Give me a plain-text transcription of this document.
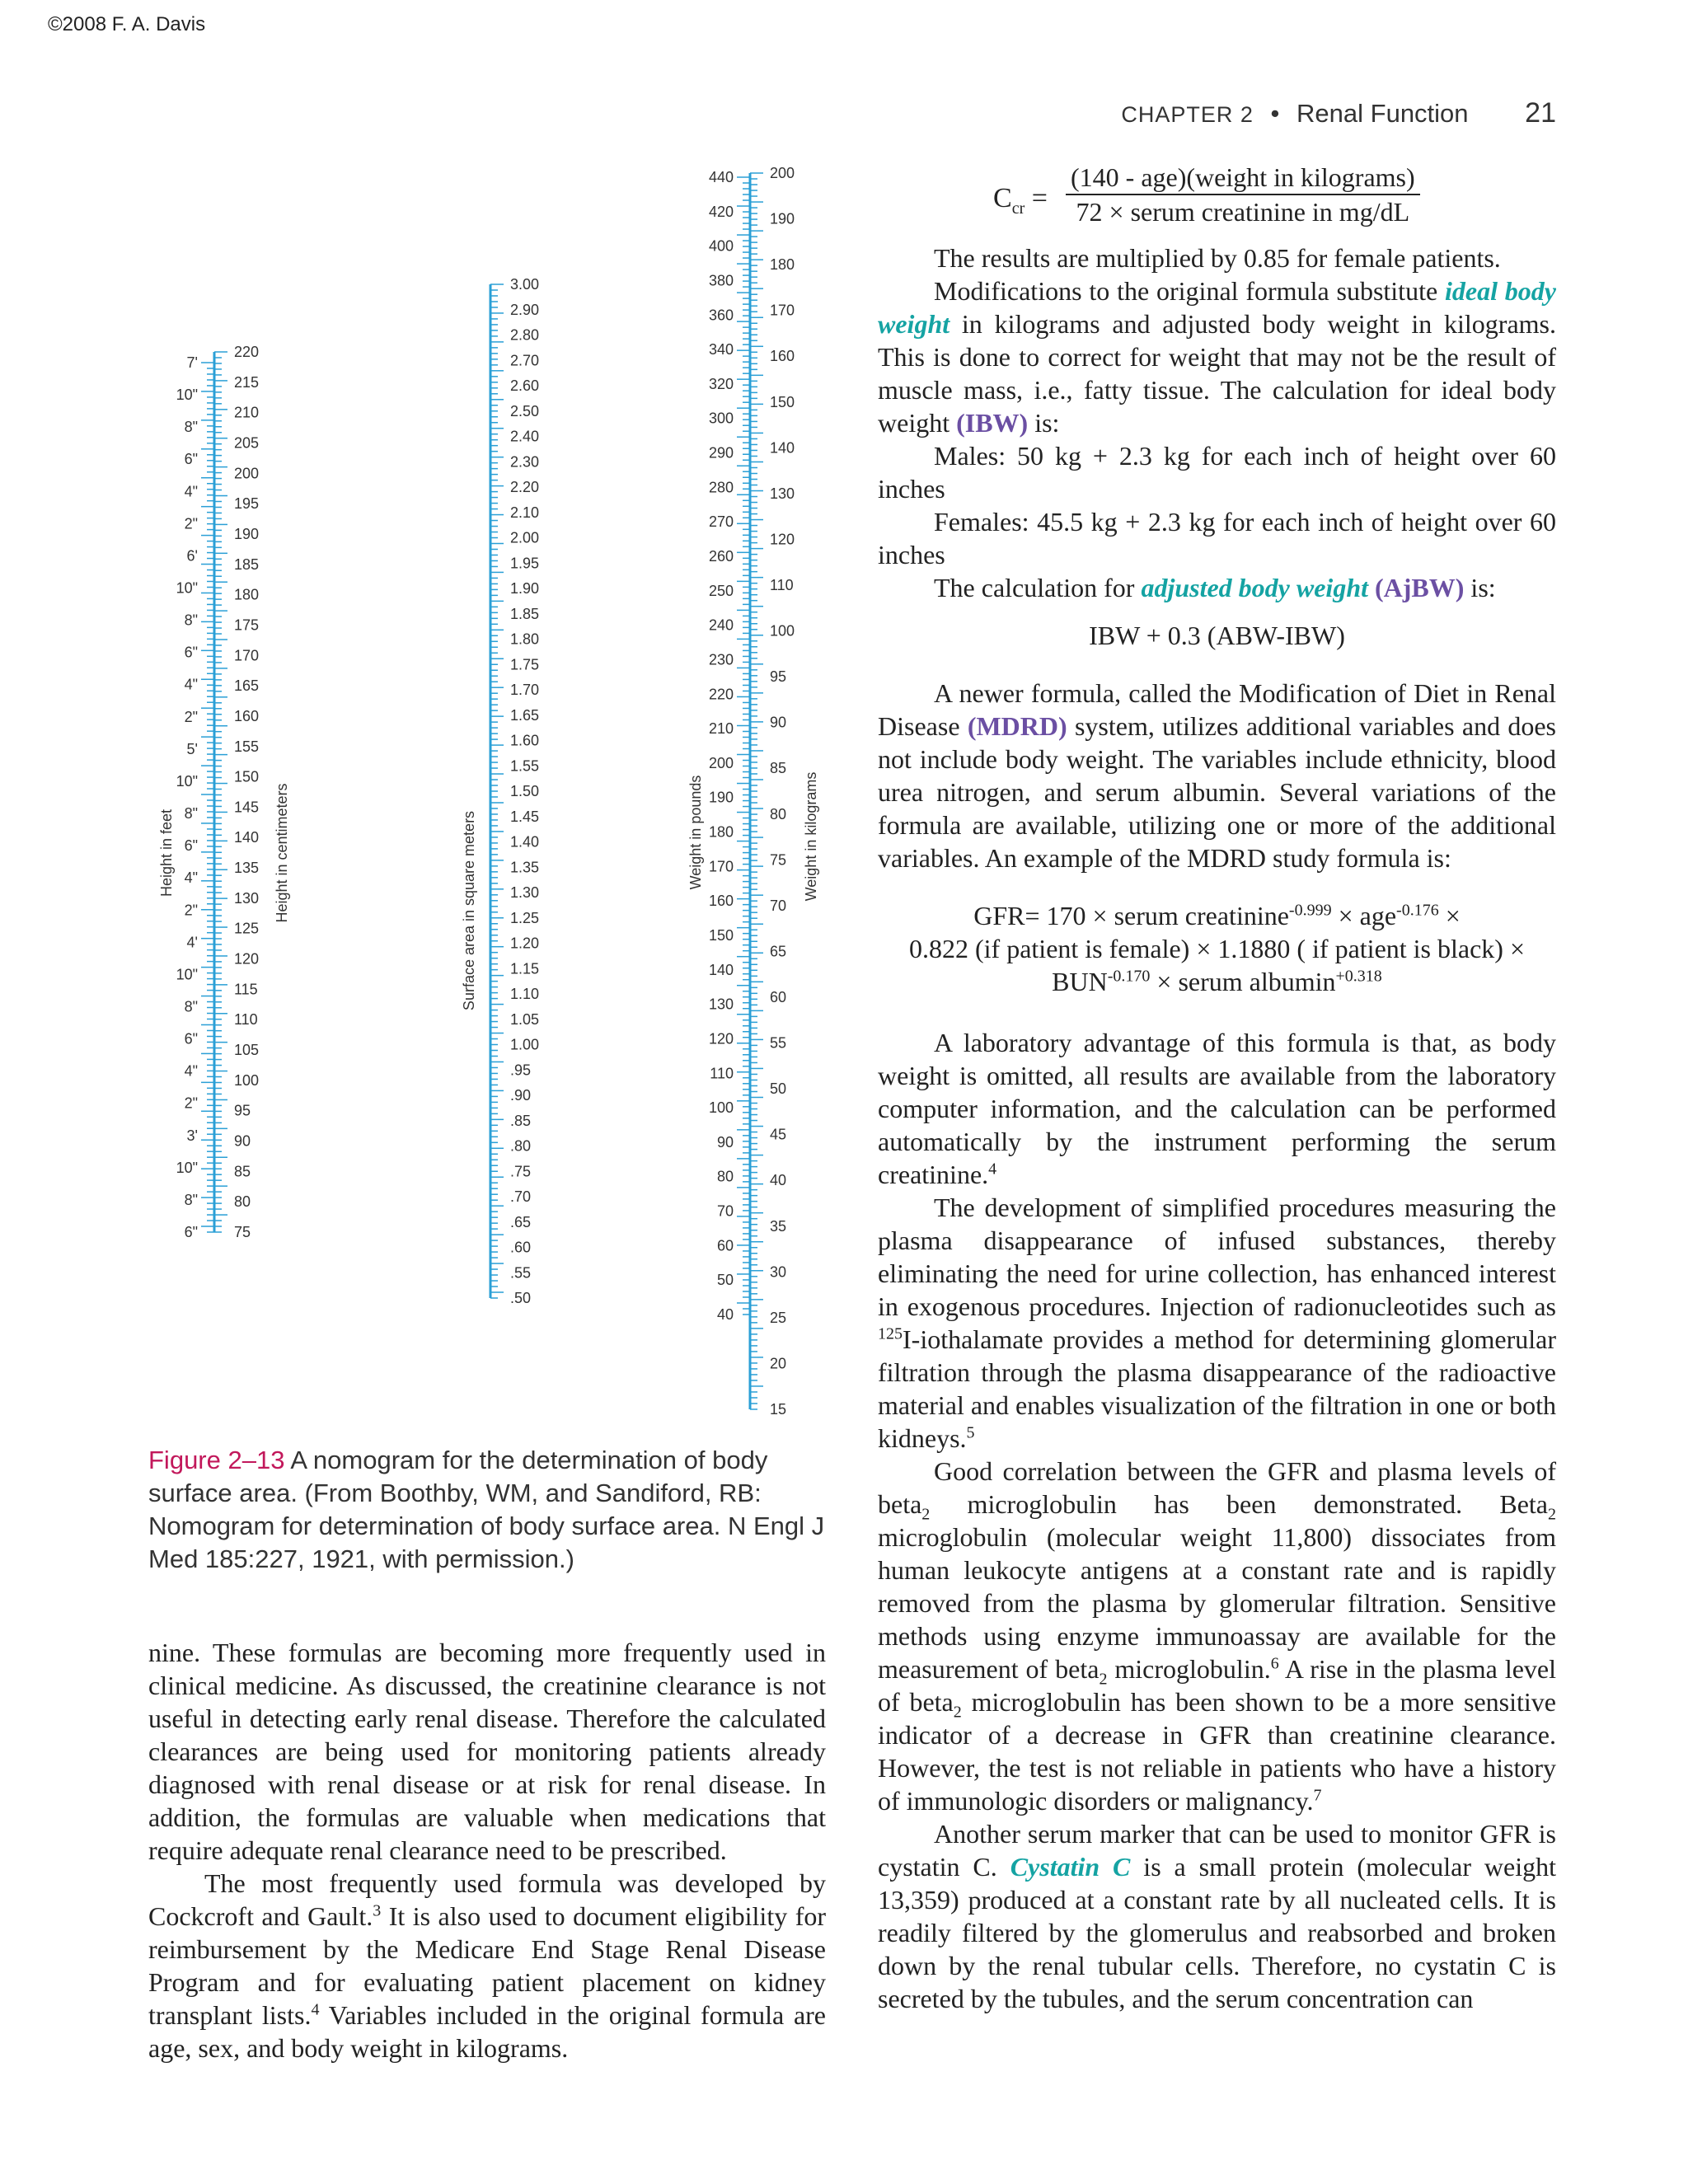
©2008 F. A. Davis
CHAPTER 2 • Renal Function 21
7'
10"
8"
6"
4"
2"
6'
10"
8"
6"
4"
2"
5'
10"
8"
6"
4"
2"
4'
10"
8"
6"
4"
2"
3'
10"
8"
6"
220
215
210
205
200
195
190
185
180
175
170
165
160
155
150
145
140
135
130
125
120
115
110
105
100
95
90
85
80
75
Height in feet	Height in centimeters
3.00
2.90
2.80
2.70
2.60
2.50
2.40
2.30
2.20
2.10
2.00
1.95
1.90
1.85
1.80
1.75
1.70
1.65
1.60
1.55
1.50
1.45
1.40
1.35
1.30
1.25
1.20
1.15
1.10
1.05
1.00
.95
.90
.85
.80
.75
.70
.65
.60
.55
.50
Surface area in square meters
440
420
400
380
360
340
320
300
290
280
270
260
250
240
230
220
210
200
190
180
170
160
150
140
130
120
110
100
90
80
70
60
50
40
200
190
180
170
160
150
140
130
120
110
100
95
90
85
80
75
70
65
60
55
50
45
40
35
30
25
20
15
Weight in pounds	Weight in kilograms
Figure 2–13 A nomogram for the determination of body surface area. (From Boothby, WM, and Sandiford, RB: Nomogram for determination of body surface area. N Engl J Med 185:227, 1921, with permission.)

nine. These formulas are becoming more frequently used in clinical medicine. As discussed, the creatinine clearance is not useful in detecting early renal disease. Therefore the calculated clearances are being used for monitoring patients already diagnosed with renal disease or at risk for renal disease. In addition, the formulas are valuable when medications that require adequate renal clearance need to be prescribed.

The most frequently used formula was developed by Cockcroft and Gault.$^3$ It is also used to document eligibility for reimbursement by the Medicare End Stage Renal Disease Program and for evaluating patient placement on kidney transplant lists.$^4$ Variables included in the original formula are age, sex, and body weight in kilograms.

$C_{cr}$ =
(140 - age)(weight in kilograms)
72 × serum creatinine in mg/dL

The results are multiplied by 0.85 for female patients.

Modifications to the original formula substitute ideal body weight in kilograms and adjusted body weight in kilograms. This is done to correct for weight that may not be the result of muscle mass, i.e., fatty tissue. The calculation for ideal body weight (IBW) is:

Males: 50 kg + 2.3 kg for each inch of height over 60 inches

Females: 45.5 kg + 2.3 kg for each inch of height over 60 inches

The calculation for adjusted body weight (AjBW) is:

IBW + 0.3 (ABW-IBW)

A newer formula, called the Modification of Diet in Renal Disease (MDRD) system, utilizes additional variables and does not include body weight. The variables include ethnicity, blood urea nitrogen, and serum albumin. Several variations of the formula are available, utilizing one or more of the additional variables. An example of the MDRD study formula is:

GFR= 170 × serum creatinine$^{-0.999}$ × age$^{-0.176}$ ×
0.822 (if patient is female) × 1.1880 ( if patient is black) ×
$BUN^{-0.170}$ × serum albumin$^{+0.318}$

A laboratory advantage of this formula is that, as body weight is omitted, all results are available from the laboratory computer information, and the calculation can be performed automatically by the instrument performing the serum creatinine.$^4$

The development of simplified procedures measuring the plasma disappearance of infused substances, thereby eliminating the need for urine collection, has enhanced interest in exogenous procedures. Injection of radionucleotides such as $^{125}$I-iothalamate provides a method for determining glomerular filtration through the plasma disappearance of the radioactive material and enables visualization of the filtration in one or both kidneys.$^5$

Good correlation between the GFR and plasma levels of beta$_2$ microglobulin has been demonstrated. Beta$_2$ microglobulin (molecular weight 11,800) dissociates from human leukocyte antigens at a constant rate and is rapidly removed from the plasma by glomerular filtration. Sensitive methods using enzyme immunoassay are available for the measurement of beta$_2$ microglobulin.$^6$ A rise in the plasma level of beta$_2$ microglobulin has been shown to be a more sensitive indicator of a decrease in GFR than creatinine clearance. However, the test is not reliable in patients who have a history of immunologic disorders or malignancy.$^7$

Another serum marker that can be used to monitor GFR is cystatin C. Cystatin C is a small protein (molecular weight 13,359) produced at a constant rate by all nucleated cells. It is readily filtered by the glomerulus and reabsorbed and broken down by the renal tubular cells. Therefore, no cystatin C is secreted by the tubules, and the serum concentration can
